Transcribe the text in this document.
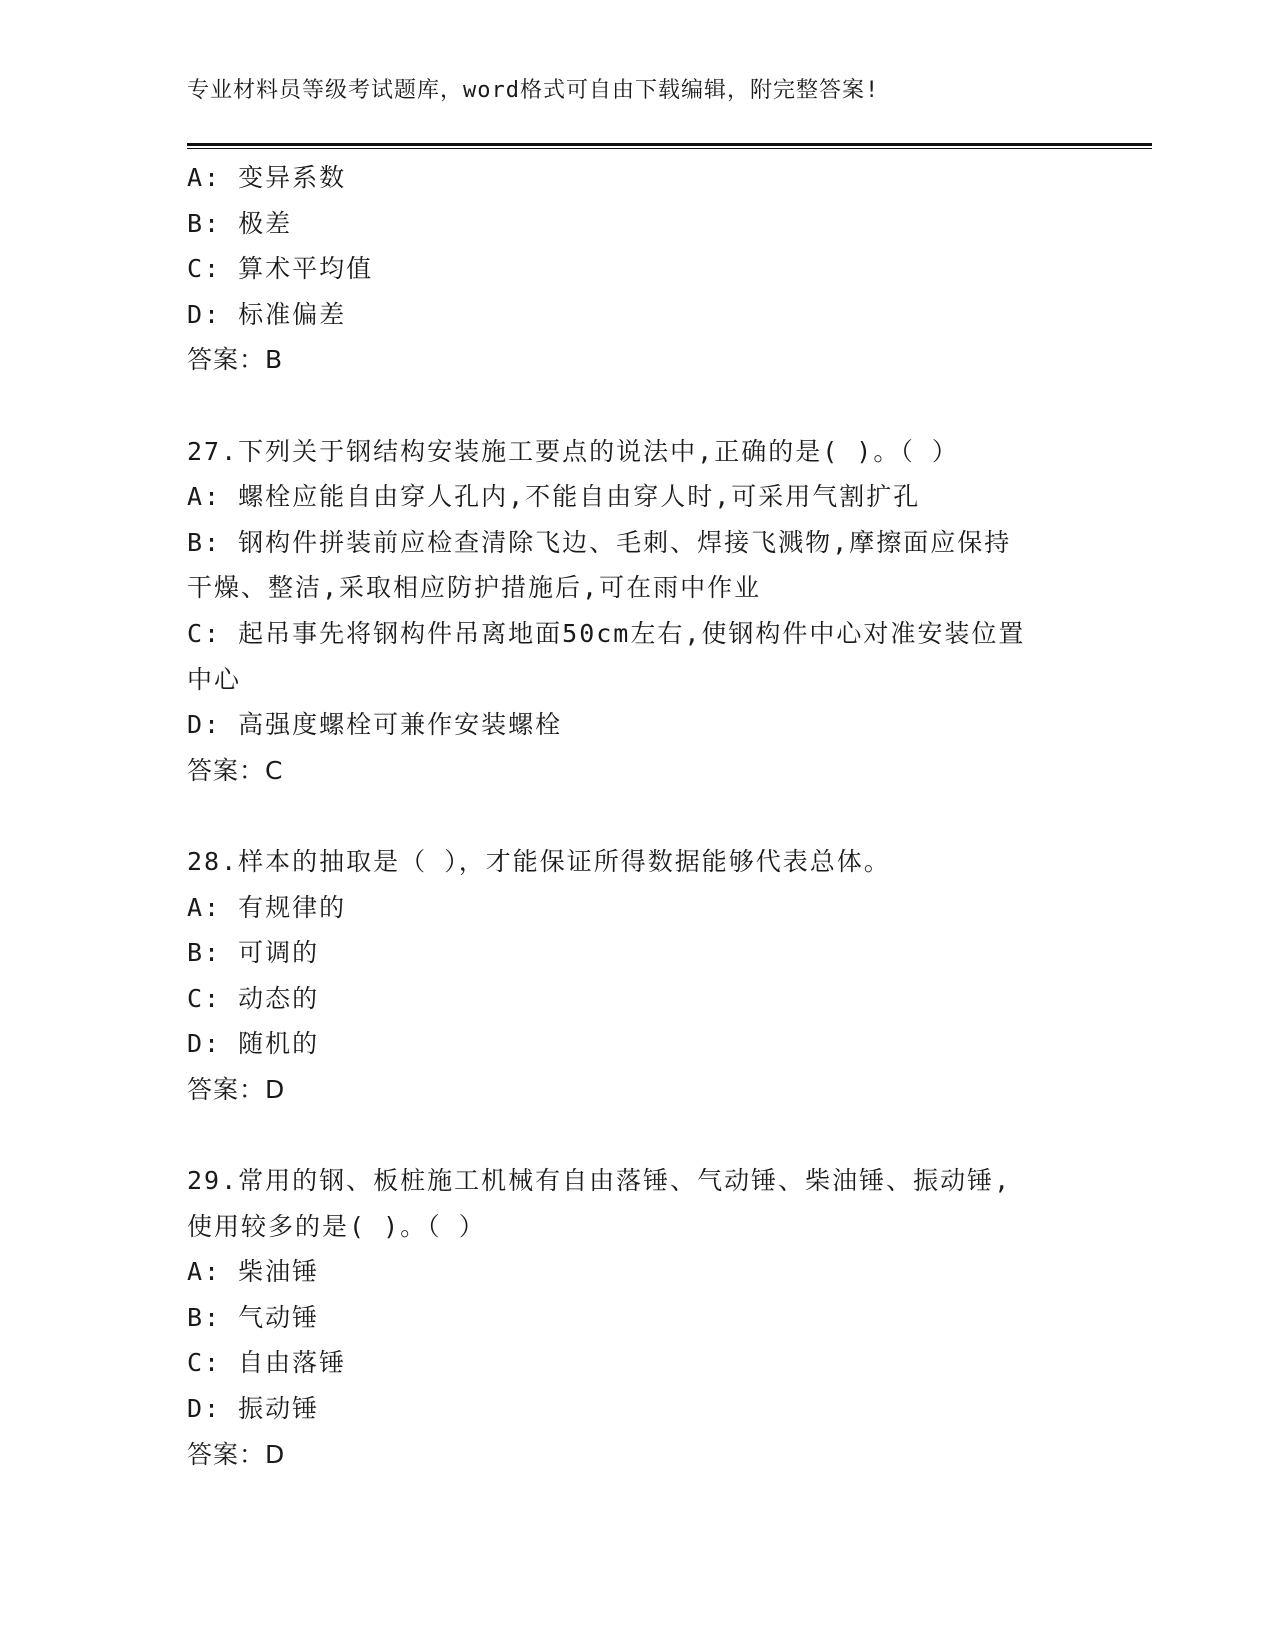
专业材料员等级考试题库，word格式可自由下载编辑，附完整答案!
A: 变异系数
B: 极差
C: 算术平均值
D: 标准偏差
答案：B
27.下列关于钢结构安装施工要点的说法中,正确的是( )。（ ）
A: 螺栓应能自由穿人孔内,不能自由穿人时,可采用气割扩孔
B: 钢构件拼装前应检查清除飞边、毛刺、焊接飞溅物,摩擦面应保持
干燥、整洁,采取相应防护措施后,可在雨中作业
C: 起吊事先将钢构件吊离地面50cm左右,使钢构件中心对准安装位置
中心
D: 高强度螺栓可兼作安装螺栓
答案：C
28.样本的抽取是（ ），才能保证所得数据能够代表总体。
A: 有规律的
B: 可调的
C: 动态的
D: 随机的
答案：D
29.常用的钢、板桩施工机械有自由落锤、气动锤、柴油锤、振动锤,
使用较多的是( )。（ ）
A: 柴油锤
B: 气动锤
C: 自由落锤
D: 振动锤
答案：D
